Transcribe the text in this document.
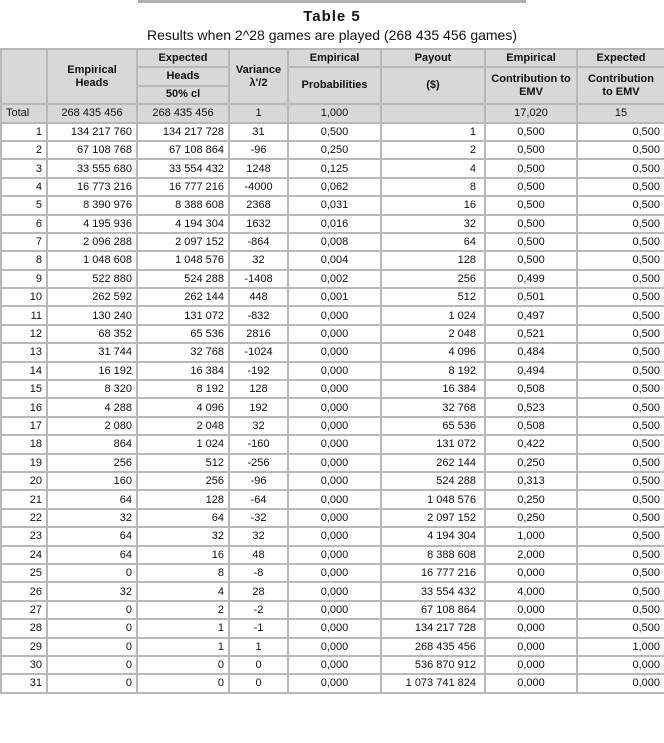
Table 5
Results when 2^28 games are played (268 435 456 games)
	Empirical Heads	Expected	Variance λ'/2	Empirical	Payout	Empirical	Expected
		Heads		Probabilities	($)	Contribution to EMV	Contribution to EMV
		50% cl					
Total	268 435 456	268 435 456	1	1,000		17,020	15
1	134 217 760	134 217 728	31	0,500	1	0,500	0,500
2	67 108 768	67 108 864	-96	0,250	2	0,500	0,500
3	33 555 680	33 554 432	1248	0,125	4	0,500	0,500
4	16 773 216	16 777 216	-4000	0,062	8	0,500	0,500
5	8 390 976	8 388 608	2368	0,031	16	0,500	0,500
6	4 195 936	4 194 304	1632	0,016	32	0,500	0,500
7	2 096 288	2 097 152	-864	0,008	64	0,500	0,500
8	1 048 608	1 048 576	32	0,004	128	0,500	0,500
9	522 880	524 288	-1408	0,002	256	0,499	0,500
10	262 592	262 144	448	0,001	512	0,501	0,500
11	130 240	131 072	-832	0,000	1 024	0,497	0,500
12	68 352	65 536	2816	0,000	2 048	0,521	0,500
13	31 744	32 768	-1024	0,000	4 096	0,484	0,500
14	16 192	16 384	-192	0,000	8 192	0,494	0,500
15	8 320	8 192	128	0,000	16 384	0,508	0,500
16	4 288	4 096	192	0,000	32 768	0,523	0,500
17	2 080	2 048	32	0,000	65 536	0,508	0,500
18	864	1 024	-160	0,000	131 072	0,422	0,500
19	256	512	-256	0,000	262 144	0,250	0,500
20	160	256	-96	0,000	524 288	0,313	0,500
21	64	128	-64	0,000	1 048 576	0,250	0,500
22	32	64	-32	0,000	2 097 152	0,250	0,500
23	64	32	32	0,000	4 194 304	1,000	0,500
24	64	16	48	0,000	8 388 608	2,000	0,500
25	0	8	-8	0,000	16 777 216	0,000	0,500
26	32	4	28	0,000	33 554 432	4,000	0,500
27	0	2	-2	0,000	67 108 864	0,000	0,500
28	0	1	-1	0,000	134 217 728	0,000	0,500
29	0	1	1	0,000	268 435 456	0,000	1,000
30	0	0	0	0,000	536 870 912	0,000	0,000
31	0	0	0	0,000	1 073 741 824	0,000	0,000
